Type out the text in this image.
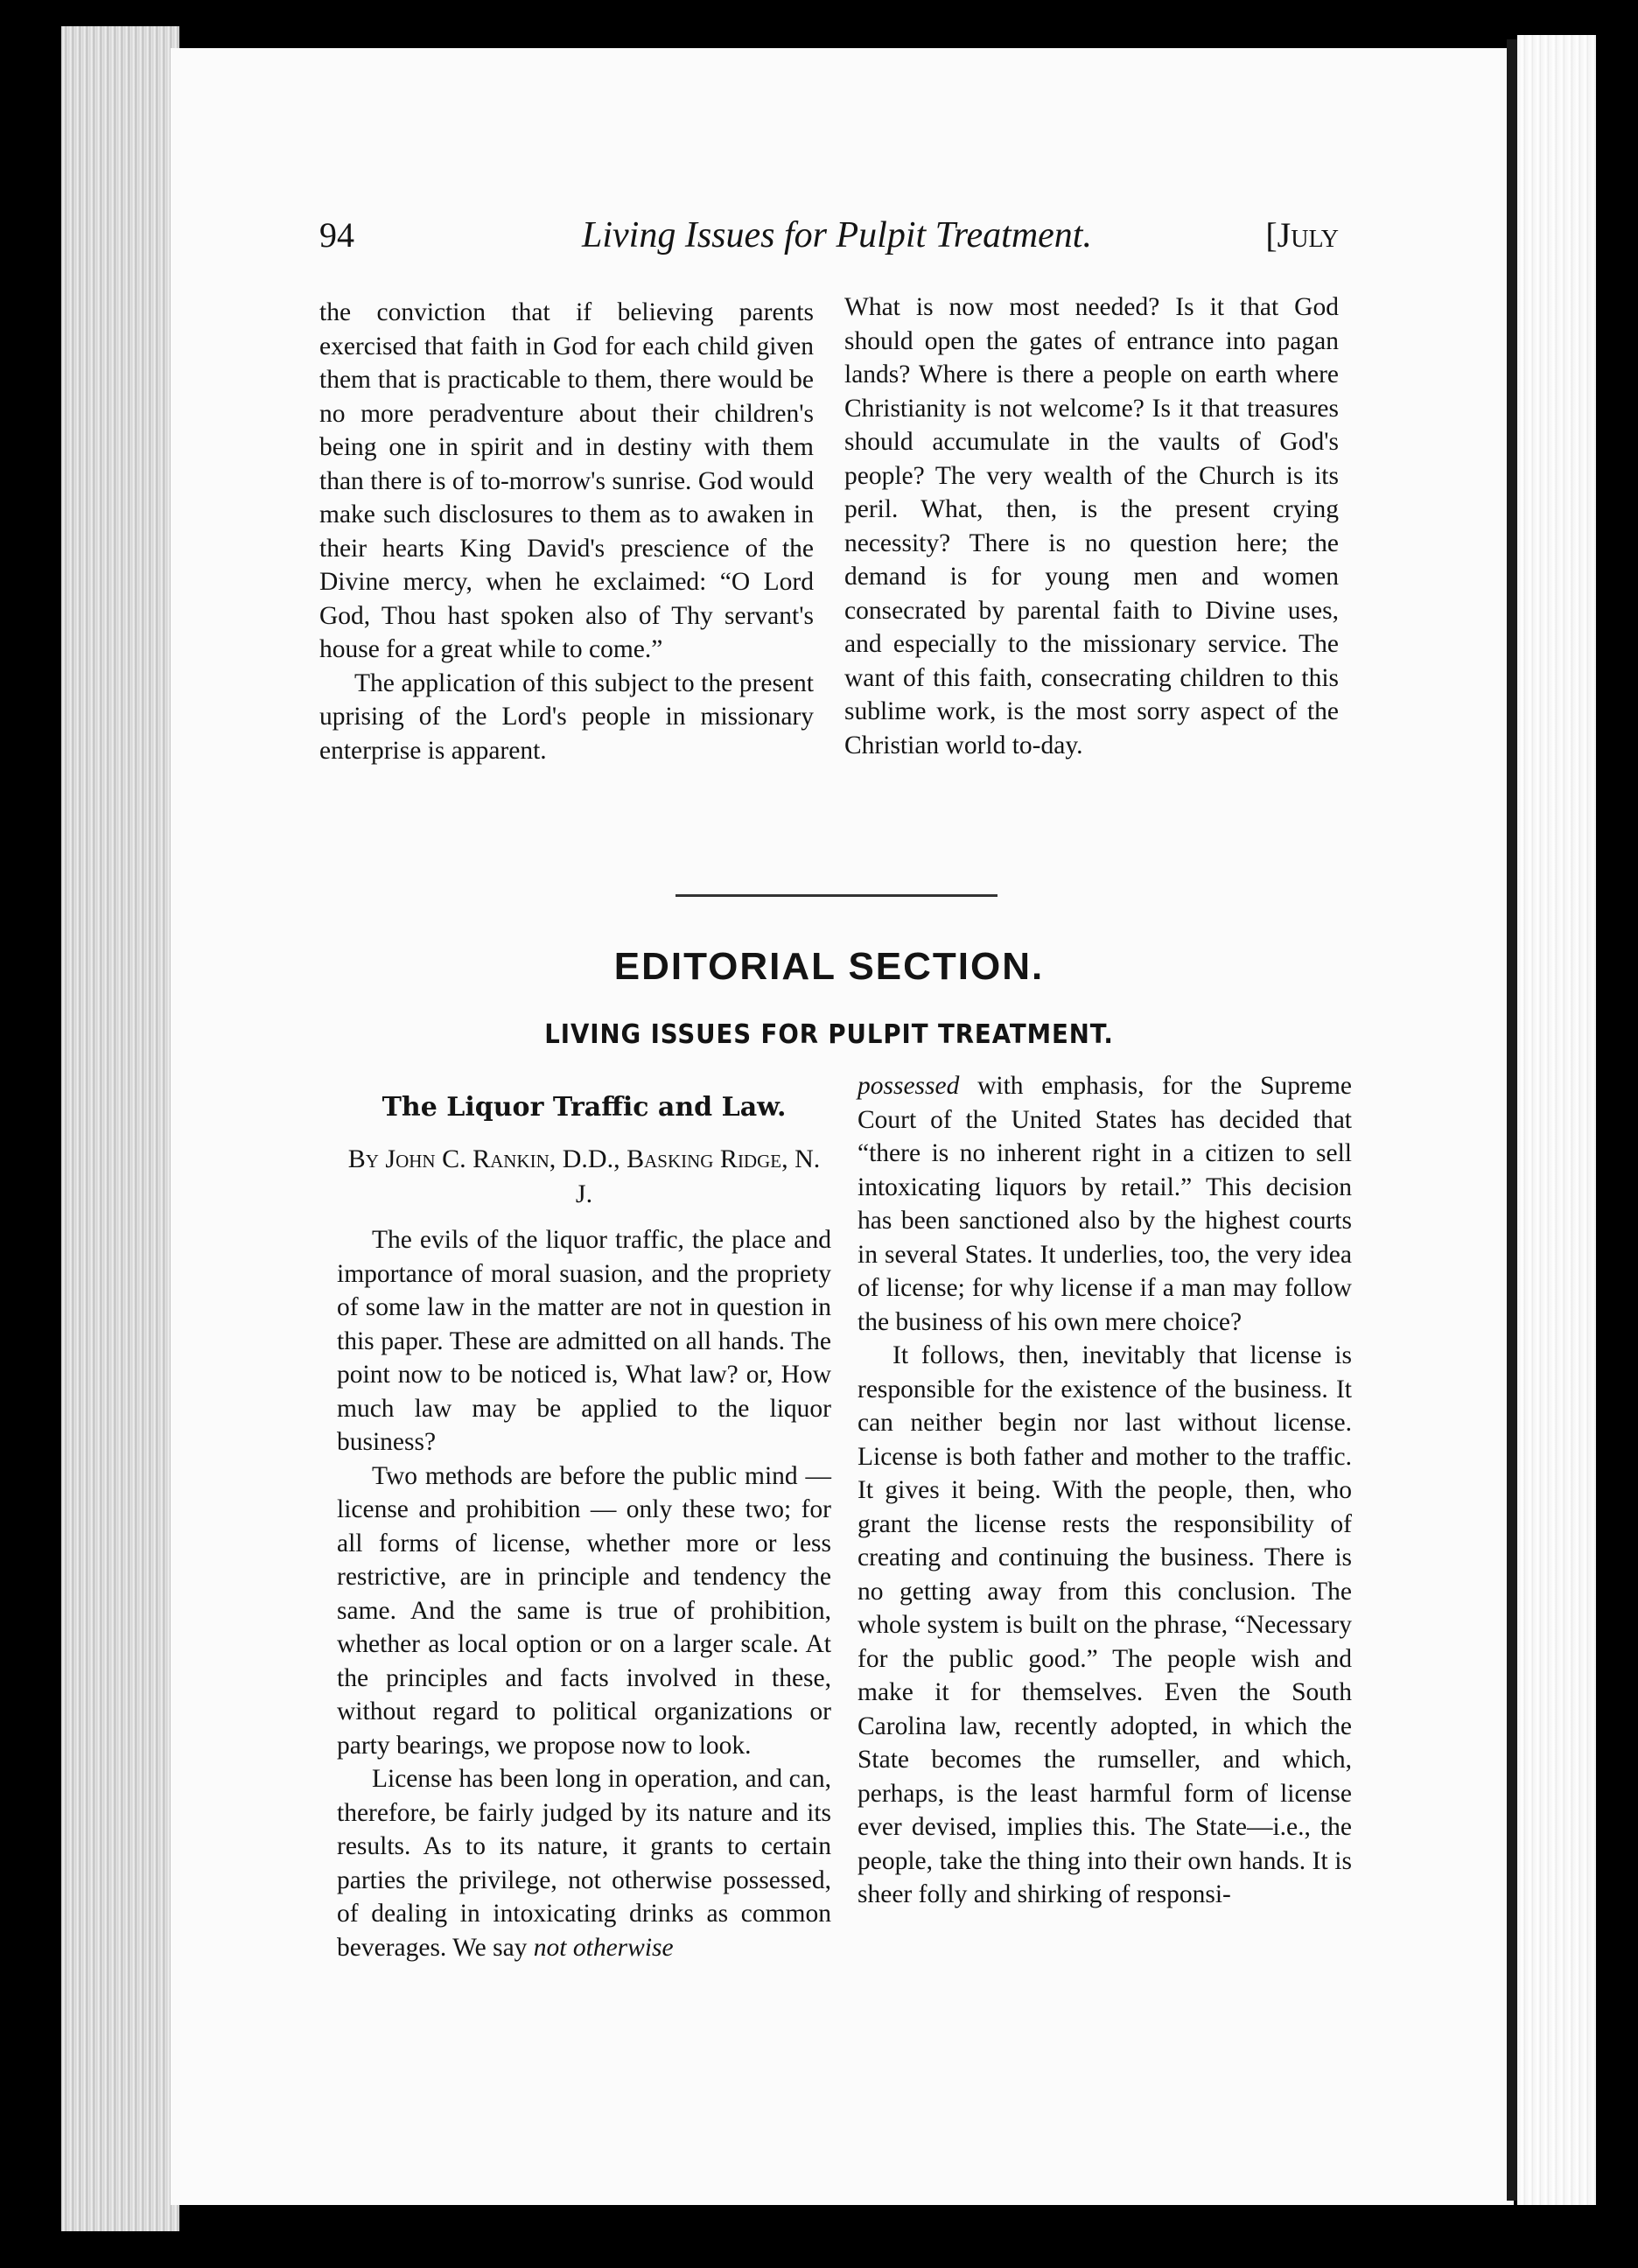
94	Living Issues for Pulpit Treatment.	[July

the conviction that if believing parents exercised that faith in God for each child given them that is practicable to them, there would be no more peradventure about their children's being one in spirit and in destiny with them than there is of to-morrow's sunrise. God would make such disclosures to them as to awaken in their hearts King David's prescience of the Divine mercy, when he exclaimed: “O Lord God, Thou hast spoken also of Thy servant's house for a great while to come.”

The application of this subject to the present uprising of the Lord's people in missionary enterprise is apparent.

What is now most needed? Is it that God should open the gates of entrance into pagan lands? Where is there a people on earth where Christianity is not welcome? Is it that treasures should accumulate in the vaults of God's people? The very wealth of the Church is its peril. What, then, is the present crying necessity? There is no question here; the demand is for young men and women consecrated by parental faith to Divine uses, and especially to the missionary service. The want of this faith, consecrating children to this sublime work, is the most sorry aspect of the Christian world to-day.

EDITORIAL SECTION.
LIVING ISSUES FOR PULPIT TREATMENT.
The Liquor Traffic and Law.
By John C. Rankin, D.D., Basking Ridge, N. J.

The evils of the liquor traffic, the place and importance of moral suasion, and the propriety of some law in the matter are not in question in this paper. These are admitted on all hands. The point now to be noticed is, What law? or, How much law may be applied to the liquor business?

Two methods are before the public mind — license and prohibition — only these two; for all forms of license, whether more or less restrictive, are in principle and tendency the same. And the same is true of prohibition, whether as local option or on a larger scale. At the principles and facts involved in these, without regard to political organizations or party bearings, we propose now to look.

License has been long in operation, and can, therefore, be fairly judged by its nature and its results. As to its nature, it grants to certain parties the privilege, not otherwise possessed, of dealing in intoxicating drinks as common beverages. We say not otherwise

possessed with emphasis, for the Supreme Court of the United States has decided that “there is no inherent right in a citizen to sell intoxicating liquors by retail.” This decision has been sanctioned also by the highest courts in several States. It underlies, too, the very idea of license; for why license if a man may follow the business of his own mere choice?

It follows, then, inevitably that license is responsible for the existence of the business. It can neither begin nor last without license. License is both father and mother to the traffic. It gives it being. With the people, then, who grant the license rests the responsibility of creating and continuing the business. There is no getting away from this conclusion. The whole system is built on the phrase, “Necessary for the public good.” The people wish and make it for themselves. Even the South Carolina law, recently adopted, in which the State becomes the rumseller, and which, perhaps, is the least harmful form of license ever devised, implies this. The State—i.e., the people, take the thing into their own hands. It is sheer folly and shirking of responsi-
